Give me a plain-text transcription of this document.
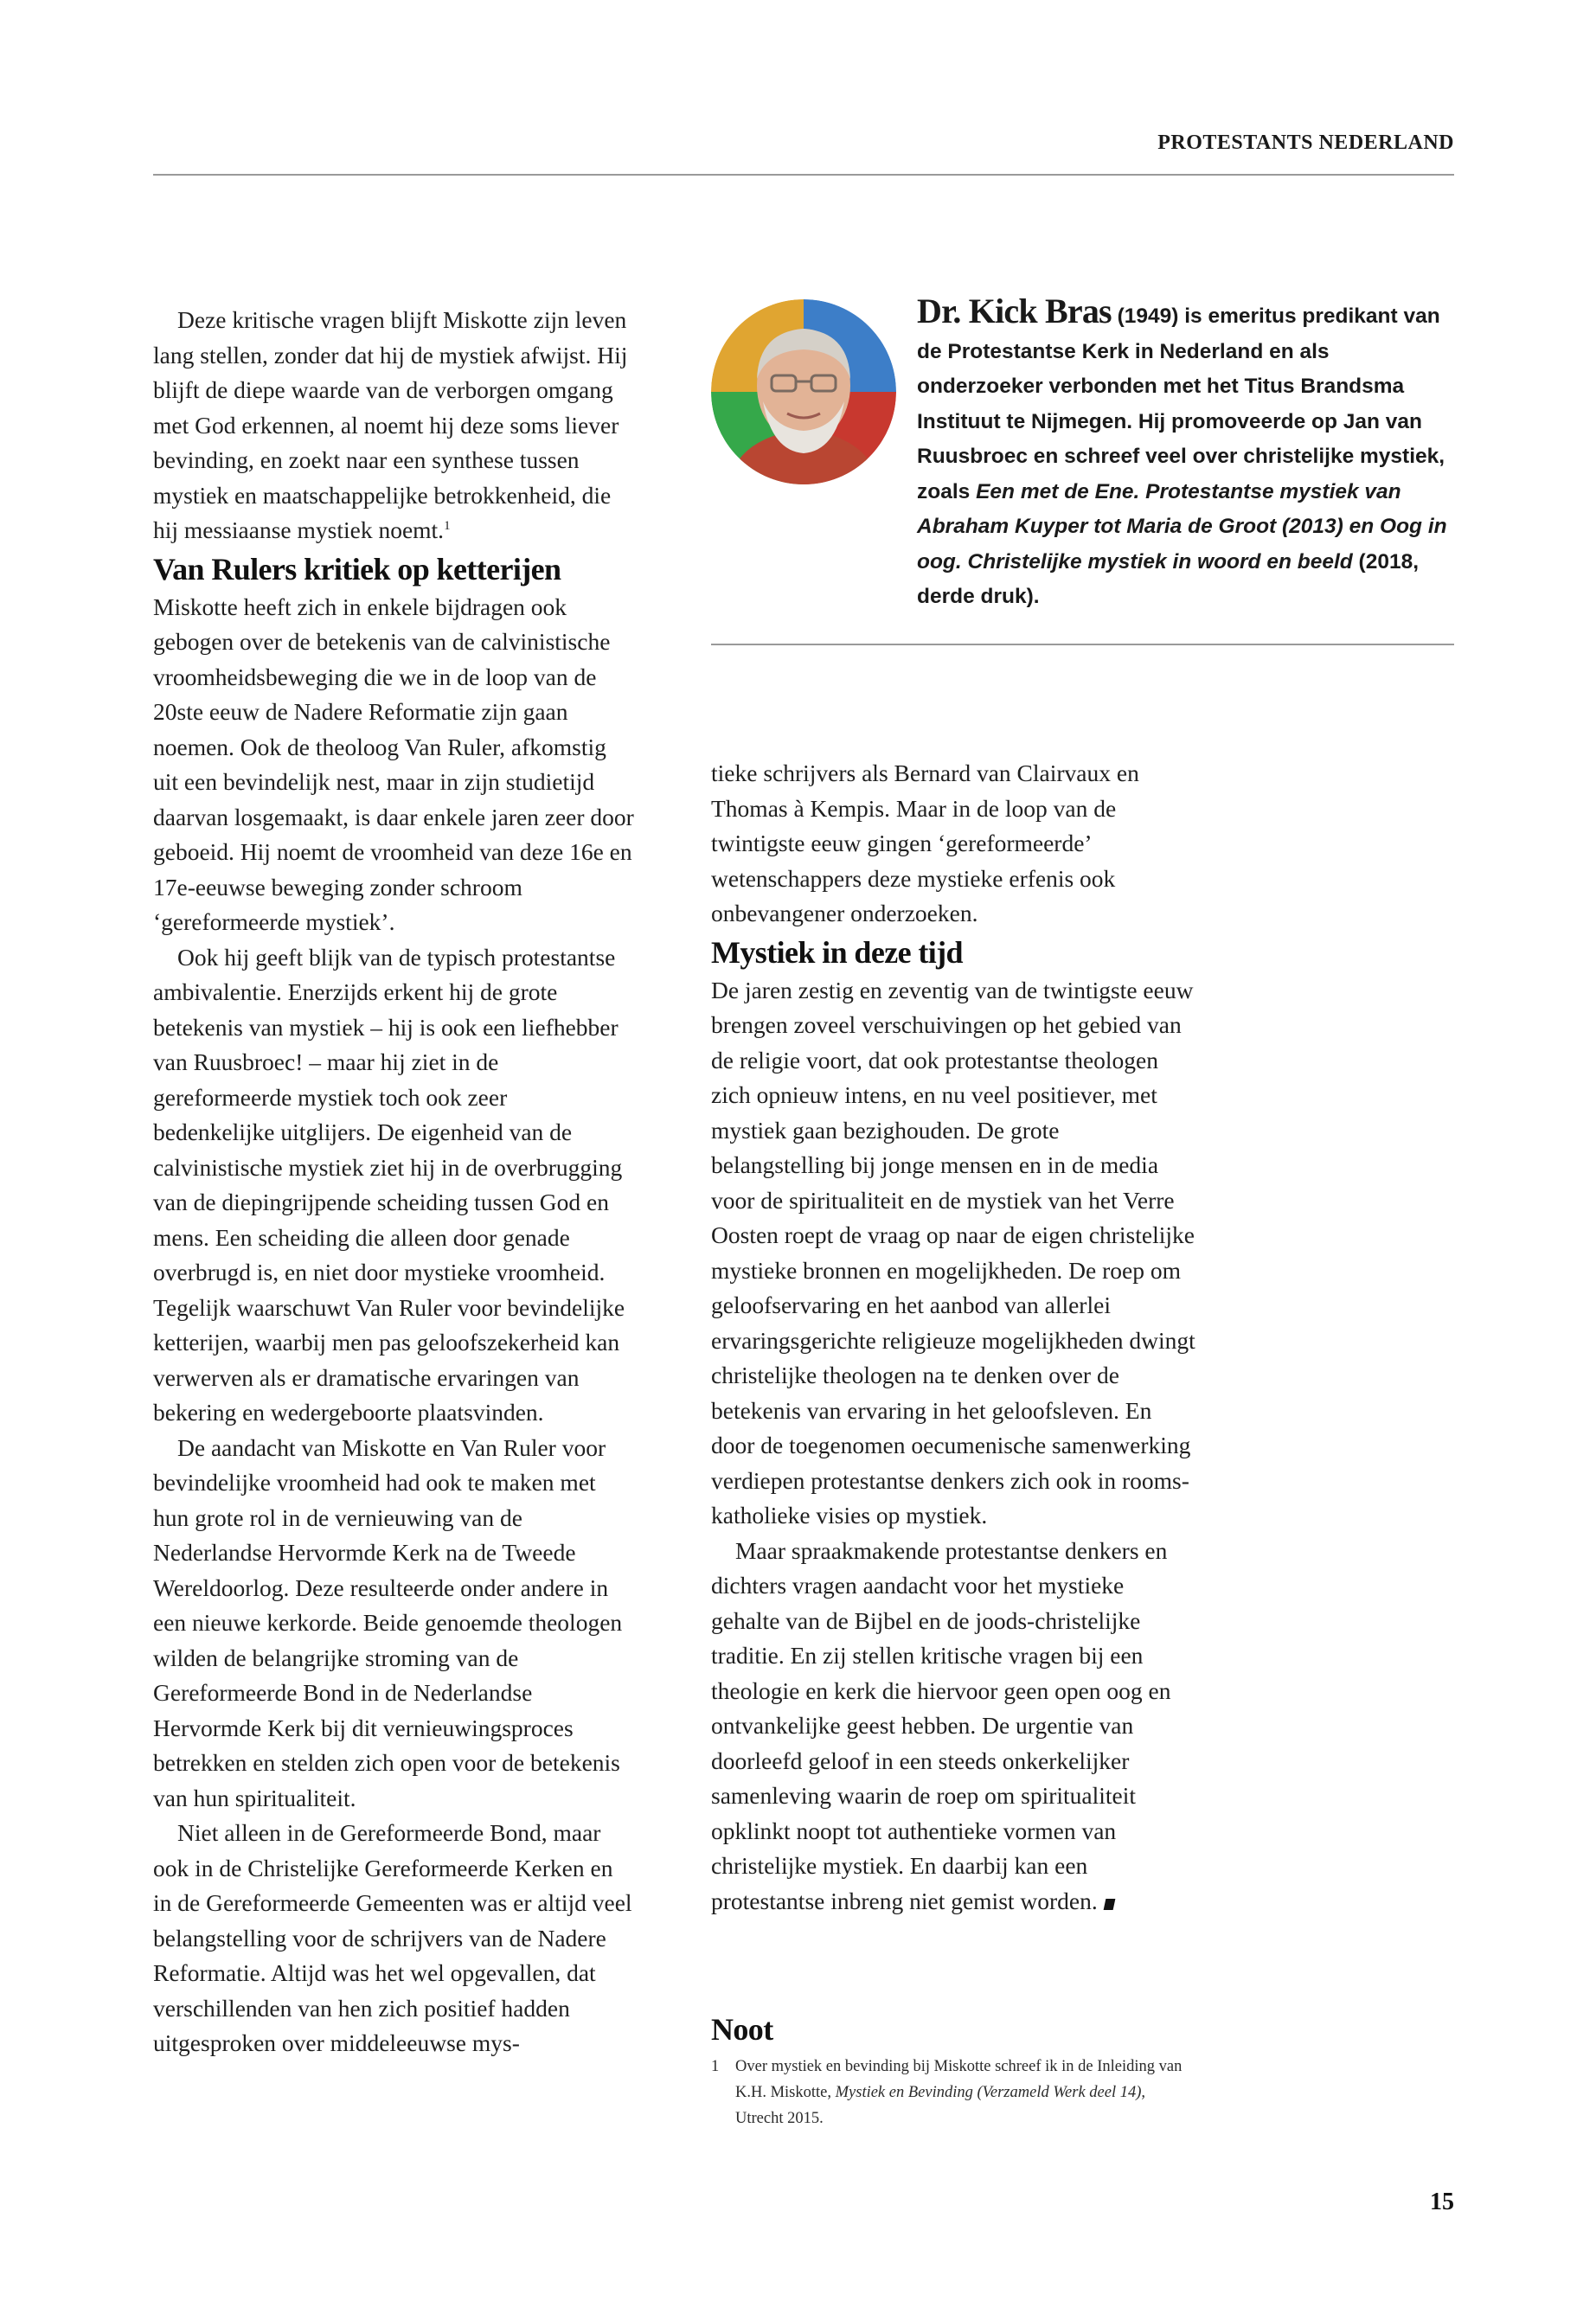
PROTESTANTS NEDERLAND
Dr. Kick Bras (1949) is emeritus predikant van de Protestantse Kerk in Nederland en als onderzoeker verbonden met het Titus Brandsma Instituut te Nijmegen. Hij promoveerde op Jan van Ruusbroec en schreef veel over christelijke mystiek, zoals Een met de Ene. Protestantse mystiek van Abraham Kuyper tot Maria de Groot (2013) en Oog in oog. Christelijke mystiek in woord en beeld (2018, derde druk).

Deze kritische vragen blijft Miskotte zijn leven lang stellen, zonder dat hij de mystiek afwijst. Hij blijft de diepe waarde van de verborgen omgang met God erkennen, al noemt hij deze soms liever bevinding, en zoekt naar een synthese tussen mystiek en maatschappelijke betrokkenheid, die hij messiaanse mystiek noemt.$^1$

Van Rulers kritiek op ketterijen

Miskotte heeft zich in enkele bijdragen ook gebogen over de betekenis van de calvinistische vroomheidsbeweging die we in de loop van de 20ste eeuw de Nadere Reformatie zijn gaan noemen. Ook de theoloog Van Ruler, afkomstig uit een bevindelijk nest, maar in zijn studietijd daarvan losgemaakt, is daar enkele jaren zeer door geboeid. Hij noemt de vroomheid van deze 16e en 17e-eeuwse beweging zonder schroom ‘gereformeerde mystiek’.

Ook hij geeft blijk van de typisch protestantse ambivalentie. Enerzijds erkent hij de grote betekenis van mystiek – hij is ook een liefhebber van Ruusbroec! – maar hij ziet in de gereformeerde mystiek toch ook zeer bedenkelijke uitglijers. De eigenheid van de calvinistische mystiek ziet hij in de overbrugging van de diepingrijpende scheiding tussen God en mens. Een scheiding die alleen door genade overbrugd is, en niet door mystieke vroomheid. Tegelijk waarschuwt Van Ruler voor bevindelijke ketterijen, waarbij men pas geloofszekerheid kan verwerven als er dramatische ervaringen van bekering en wedergeboorte plaatsvinden.

De aandacht van Miskotte en Van Ruler voor bevindelijke vroomheid had ook te maken met hun grote rol in de vernieuwing van de Nederlandse Hervormde Kerk na de Tweede Wereldoorlog. Deze resulteerde onder andere in een nieuwe kerkorde. Beide genoemde theologen wilden de belangrijke stroming van de Gereformeerde Bond in de Nederlandse Hervormde Kerk bij dit vernieuwingsproces betrekken en stelden zich open voor de betekenis van hun spiritualiteit.

Niet alleen in de Gereformeerde Bond, maar ook in de Christelijke Gereformeerde Kerken en in de Gereformeerde Gemeenten was er altijd veel belangstelling voor de schrijvers van de Nadere Reformatie. Altijd was het wel opgevallen, dat verschillenden van hen zich positief hadden uitgesproken over middeleeuwse mys-

tieke schrijvers als Bernard van Clairvaux en Thomas à Kempis. Maar in de loop van de twintigste eeuw gingen ‘gereformeerde’ wetenschappers deze mystieke erfenis ook onbevangener onderzoeken.

Mystiek in deze tijd

De jaren zestig en zeventig van de twintigste eeuw brengen zoveel verschuivingen op het gebied van de religie voort, dat ook protestantse theologen zich opnieuw intens, en nu veel positiever, met mystiek gaan bezighouden. De grote belangstelling bij jonge mensen en in de media voor de spiritualiteit en de mystiek van het Verre Oosten roept de vraag op naar de eigen christelijke mystieke bronnen en mogelijkheden. De roep om geloofservaring en het aanbod van allerlei ervaringsgerichte religieuze mogelijkheden dwingt christelijke theologen na te denken over de betekenis van ervaring in het geloofsleven. En door de toegenomen oecumenische samenwerking verdiepen protestantse denkers zich ook in rooms-katholieke visies op mystiek.

Maar spraakmakende protestantse denkers en dichters vragen aandacht voor het mystieke gehalte van de Bijbel en de joods-christelijke traditie. En zij stellen kritische vragen bij een theologie en kerk die hiervoor geen open oog en ontvankelijke geest hebben. De urgentie van doorleefd geloof in een steeds onkerkelijker samenleving waarin de roep om spiritualiteit opklinkt noopt tot authentieke vormen van christelijke mystiek. En daarbij kan een protestantse inbreng niet gemist worden.

Noot
1	Over mystiek en bevinding bij Miskotte schreef ik in de Inleiding van K.H. Miskotte, Mystiek en Bevinding (Verzameld Werk deel 14), Utrecht 2015.
15
